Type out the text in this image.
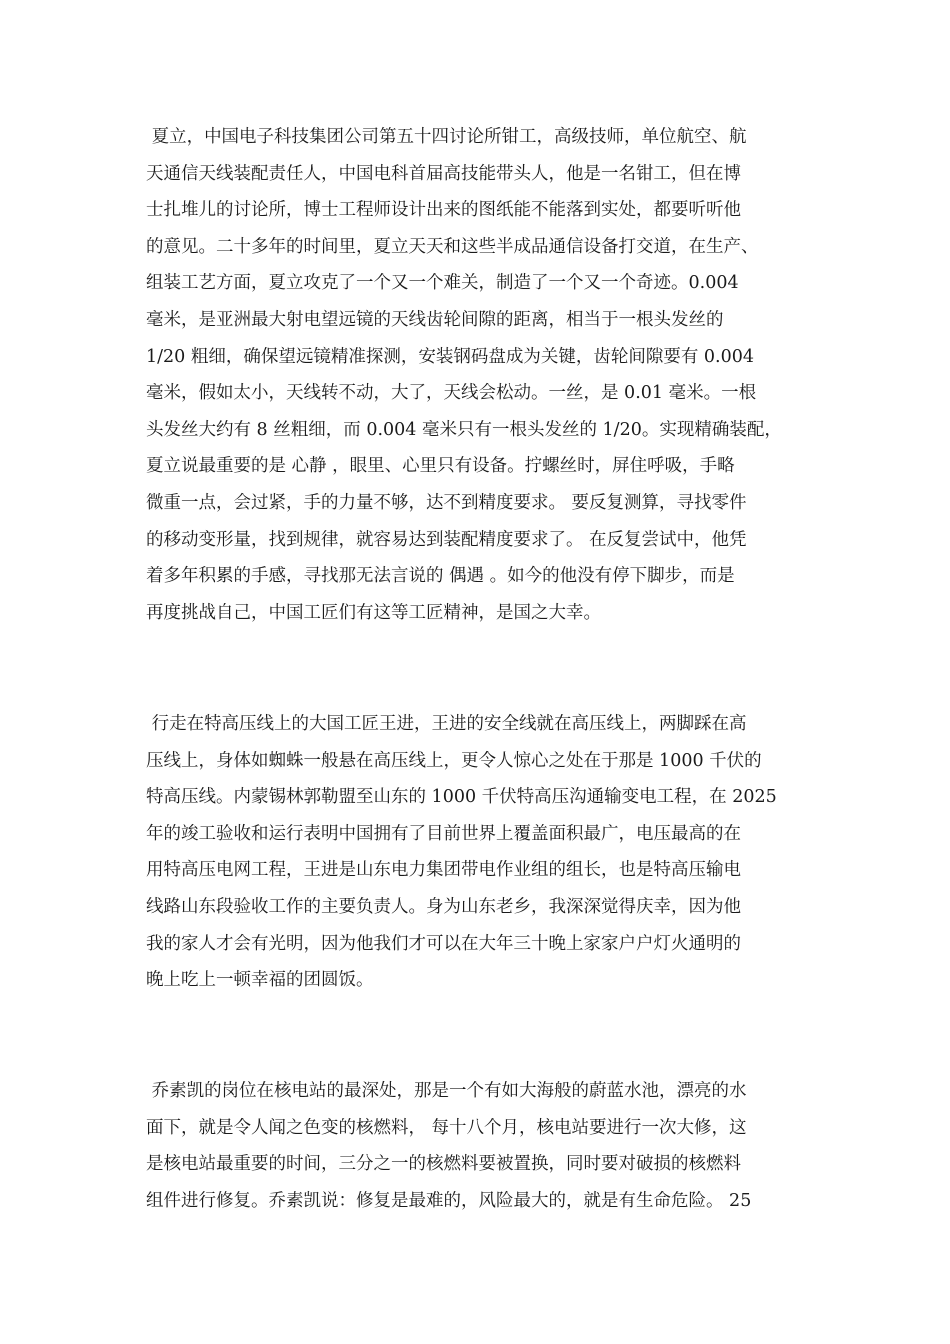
夏立，中国电子科技集团公司第五十四讨论所钳工，高级技师，单位航空、航
天通信天线装配责任人，中国电科首届高技能带头人，他是一名钳工，但在博
士扎堆儿的讨论所，博士工程师设计出来的图纸能不能落到实处，都要听听他
的意见。二十多年的时间里，夏立天天和这些半成品通信设备打交道，在生产、
组装工艺方面，夏立攻克了一个又一个难关，制造了一个又一个奇迹。0.004
毫米，是亚洲最大射电望远镜的天线齿轮间隙的距离，相当于一根头发丝的
1/20 粗细，确保望远镜精准探测，安装钢码盘成为关键，齿轮间隙要有 0.004
毫米，假如太小，天线转不动，大了，天线会松动。一丝，是 0.01 毫米。一根
头发丝大约有 8 丝粗细，而 0.004 毫米只有一根头发丝的 1/20。实现精确装配，
夏立说最重要的是 心静 ，眼里、心里只有设备。拧螺丝时，屏住呼吸，手略
微重一点，会过紧，手的力量不够，达不到精度要求。 要反复测算，寻找零件
的移动变形量，找到规律，就容易达到装配精度要求了。 在反复尝试中，他凭
着多年积累的手感，寻找那无法言说的 偶遇 。如今的他没有停下脚步，而是
再度挑战自己，中国工匠们有这等工匠精神，是国之大幸。
行走在特高压线上的大国工匠王进，王进的安全线就在高压线上，两脚踩在高
压线上，身体如蜘蛛一般悬在高压线上，更令人惊心之处在于那是 1000 千伏的
特高压线。内蒙锡林郭勒盟至山东的 1000 千伏特高压沟通输变电工程，在 2025
年的竣工验收和运行表明中国拥有了目前世界上覆盖面积最广，电压最高的在
用特高压电网工程，王进是山东电力集团带电作业组的组长，也是特高压输电
线路山东段验收工作的主要负责人。身为山东老乡，我深深觉得庆幸，因为他
我的家人才会有光明，因为他我们才可以在大年三十晚上家家户户灯火通明的
晚上吃上一顿幸福的团圆饭。
乔素凯的岗位在核电站的最深处，那是一个有如大海般的蔚蓝水池，漂亮的水
面下，就是令人闻之色变的核燃料， 每十八个月，核电站要进行一次大修，这
是核电站最重要的时间，三分之一的核燃料要被置换，同时要对破损的核燃料
组件进行修复。乔素凯说：修复是最难的，风险最大的，就是有生命危险。 25
